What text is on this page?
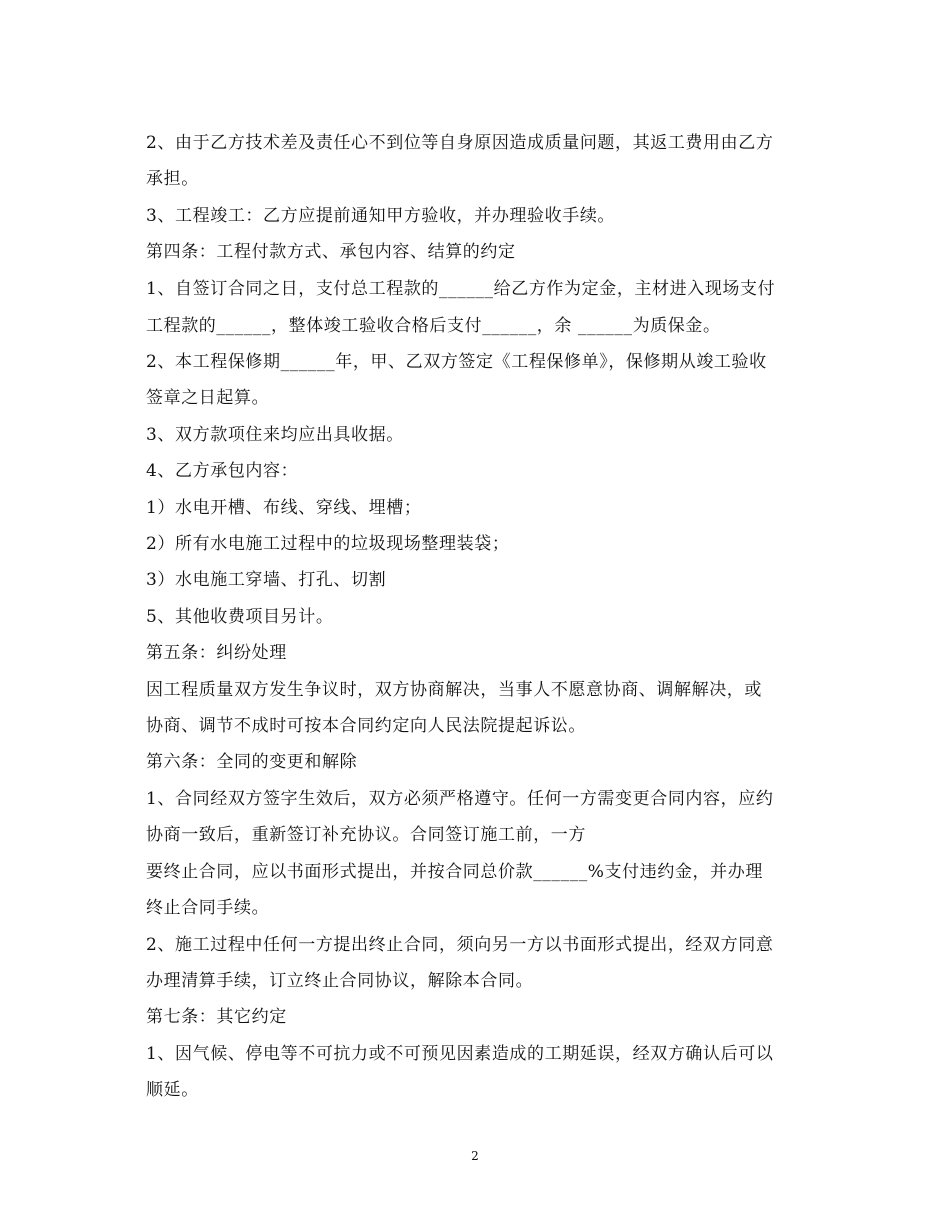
2、由于乙方技术差及责任心不到位等自身原因造成质量问题，其返工费用由乙方
承担。
3、工程竣工：乙方应提前通知甲方验收，并办理验收手续。
第四条：工程付款方式、承包内容、结算的约定
1、自签订合同之日，支付总工程款的______给乙方作为定金，主材进入现场支付
工程款的______，整体竣工验收合格后支付______，余 ______为质保金。
2、本工程保修期______年，甲、乙双方签定《工程保修单》，保修期从竣工验收
签章之日起算。
3、双方款项住来均应出具收据。
4、乙方承包内容：
1）水电开槽、布线、穿线、埋槽；
2）所有水电施工过程中的垃圾现场整理装袋；
3）水电施工穿墙、打孔、切割
5、其他收费项目另计。
第五条：纠纷处理
因工程质量双方发生争议时，双方协商解决，当事人不愿意协商、调解解决，或
协商、调节不成时可按本合同约定向人民法院提起诉讼。
第六条：全同的变更和解除
1、合同经双方签字生效后，双方必须严格遵守。任何一方需变更合同内容，应约
协商一致后，重新签订补充协议。合同签订施工前，一方
要终止合同，应以书面形式提出，并按合同总价款______%支付违约金，并办理
终止合同手续。
2、施工过程中任何一方提出终止合同，须向另一方以书面形式提出，经双方同意
办理清算手续，订立终止合同协议，解除本合同。
第七条：其它约定
1、因气候、停电等不可抗力或不可预见因素造成的工期延误，经双方确认后可以
顺延。
2
